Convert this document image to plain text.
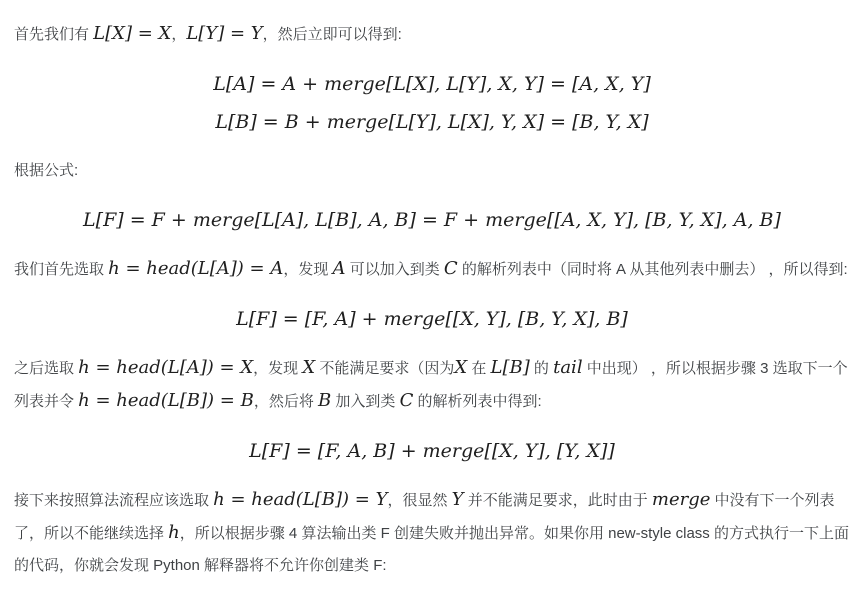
首先我们有 L[X] = X，L[Y] = Y，然后立即可以得到:

L[A] = A + merge[L[X], L[Y], X, Y] = [A, X, Y]
L[B] = B + merge[L[Y], L[X], Y, X] = [B, Y, X]

根据公式:

L[F] = F + merge[L[A], L[B], A, B] = F + merge[[A, X, Y], [B, Y, X], A, B]

我们首先选取 h = head(L[A]) = A，发现 A 可以加入到类 C 的解析列表中（同时将 A 从其他列表中删去） ，所以得到:

L[F] = [F, A] + merge[[X, Y], [B, Y, X], B]

之后选取 h = head(L[A]) = X，发现 X 不能满足要求（因为X 在 L[B] 的 tail 中出现） ，所以根据步骤 3 选取下一个列表并令 h = head(L[B]) = B，然后将 B 加入到类 C 的解析列表中得到:

L[F] = [F, A, B] + merge[[X, Y], [Y, X]]

接下来按照算法流程应该选取 h = head(L[B]) = Y，很显然 Y 并不能满足要求，此时由于 merge 中没有下一个列表了，所以不能继续选择 h，所以根据步骤 4 算法输出类 F 创建失败并抛出异常。如果你用 new-style class 的方式执行一下上面的代码，你就会发现 Python 解释器将不允许你创建类 F:
